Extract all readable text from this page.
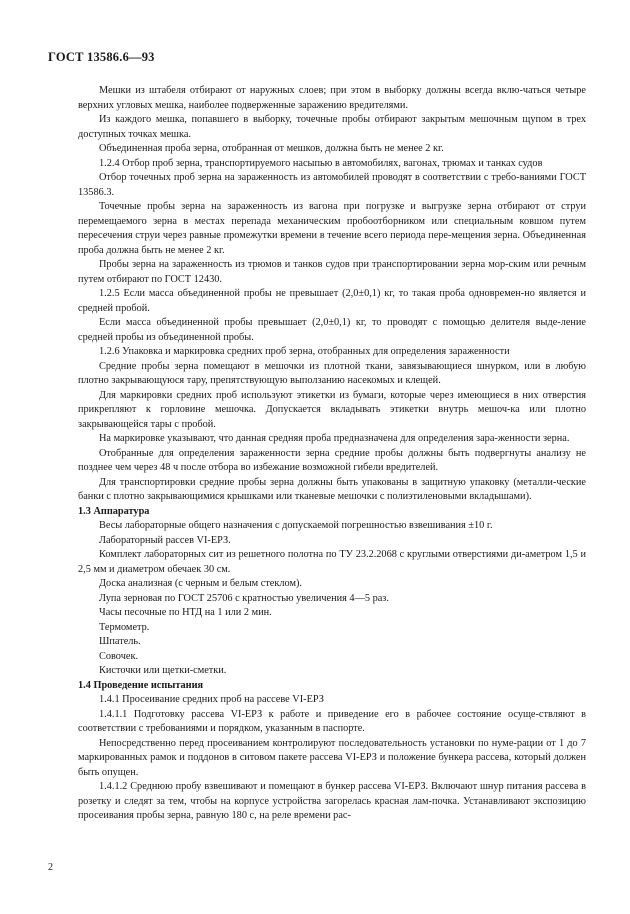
ГОСТ 13586.6—93

Мешки из штабеля отбирают от наружных слоев; при этом в выборку должны всегда вклю-чаться четыре верхних угловых мешка, наиболее подверженные заражению вредителями.

Из каждого мешка, попавшего в выборку, точечные пробы отбирают закрытым мешочным щупом в трех доступных точках мешка.

Объединенная проба зерна, отобранная от мешков, должна быть не менее 2 кг.

1.2.4 Отбор проб зерна, транспортируемого насыпью в автомобилях, вагонах, трюмах и танках судов

Отбор точечных проб зерна на зараженность из автомобилей проводят в соответствии с требо-ваниями ГОСТ 13586.3.

Точечные пробы зерна на зараженность из вагона при погрузке и выгрузке зерна отбирают от струи перемещаемого зерна в местах перепада механическим пробоотборником или специальным ковшом путем пересечения струи через равные промежутки времени в течение всего периода пере-мещения зерна. Объединенная проба должна быть не менее 2 кг.

Пробы зерна на зараженность из трюмов и танков судов при транспортировании зерна мор-ским или речным путем отбирают по ГОСТ 12430.

1.2.5 Если масса объединенной пробы не превышает (2,0±0,1) кг, то такая проба одновремен-но является и средней пробой.

Если масса объединенной пробы превышает (2,0±0,1) кг, то проводят с помощью делителя выде-ление средней пробы из объединенной пробы.

1.2.6 Упаковка и маркировка средних проб зерна, отобранных для определения зараженности

Средние пробы зерна помещают в мешочки из плотной ткани, завязывающиеся шнурком, или в любую плотно закрывающуюся тару, препятствующую выползанию насекомых и клещей.

Для маркировки средних проб используют этикетки из бумаги, которые через имеющиеся в них отверстия прикрепляют к горловине мешочка. Допускается вкладывать этикетки внутрь мешоч-ка или плотно закрывающейся тары с пробой.

На маркировке указывают, что данная средняя проба предназначена для определения зара-женности зерна.

Отобранные для определения зараженности зерна средние пробы должны быть подвергнуты анализу не позднее чем через 48 ч после отбора во избежание возможной гибели вредителей.

Для транспортировки средние пробы зерна должны быть упакованы в защитную упаковку (металли-ческие банки с плотно закрывающимися крышками или тканевые мешочки с полиэтиленовыми вкладышами).

1.3 Аппаратура

Весы лабораторные общего назначения с допускаемой погрешностью взвешивания ±10 г.

Лабораторный рассев VI-ЕРЗ.

Комплект лабораторных сит из решетного полотна по ТУ 23.2.2068 с круглыми отверстиями ди-аметром 1,5 и 2,5 мм и диаметром обечаек 30 см.

Доска анализная (с черным и белым стеклом).

Лупа зерновая по ГОСТ 25706 с кратностью увеличения 4—5 раз.

Часы песочные по НТД на 1 или 2 мин.

Термометр.

Шпатель.

Совочек.

Кисточки или щетки-сметки.

1.4 Проведение испытания

1.4.1 Просеивание средних проб на рассеве VI-ЕРЗ

1.4.1.1 Подготовку рассева VI-ЕРЗ к работе и приведение его в рабочее состояние осуще-ствляют в соответствии с требованиями и порядком, указанным в паспорте.

Непосредственно перед просеиванием контролируют последовательность установки по нуме-рации от 1 до 7 маркированных рамок и поддонов в ситовом пакете рассева VI-ЕРЗ и положение бункера рассева, который должен быть опущен.

1.4.1.2 Среднюю пробу взвешивают и помещают в бункер рассева VI-ЕРЗ. Включают шнур питания рассева в розетку и следят за тем, чтобы на корпусе устройства загорелась красная лам-почка. Устанавливают экспозицию просеивания пробы зерна, равную 180 с, на реле времени рас-

2
